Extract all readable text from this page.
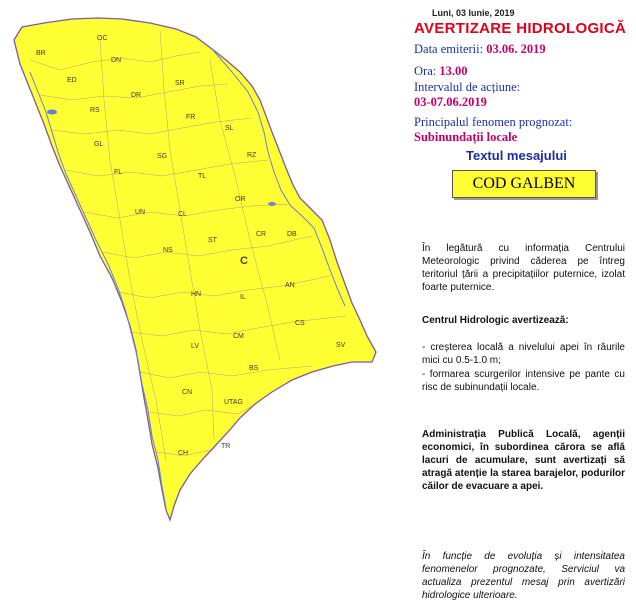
BR
OC
DN
SR
ED
DR
RS
FR
SL
GL
SG	RZ
FL
TL
UN	CL
OR
DB
NS
ST
CR
C
HN
AN
IL
CS
LV
CM
SV
BS
CN
UTAG
TR
CH
Luni, 03 Iunie, 2019
AVERTIZARE HIDROLOGICĂ
Data emiterii: 03.06. 2019
Ora: 13.00
Intervalul de acțiune:
03-07.06.2019
Principalul fenomen prognozat:
Subinundații locale
Textul mesajului
COD GALBEN

În legătură cu informația Centrului Meteorologic privind căderea pe întreg teritoriul țării a precipitațiilor puternice, izolat foarte puternice.

Centrul Hidrologic avertizează:

- creșterea locală a nivelului apei în râurile mici cu 0.5-1.0 m;

- formarea scurgerilor intensive pe pante cu risc de subinundații locale.

Administrația Publică Locală, agenții economici, în subordinea cărora se află lacuri de acumulare, sunt avertizați să atragă atenție la starea barajelor, podurilor căilor de evacuare a apei.

În funcție de evoluția și intensitatea fenomenelor prognozate, Serviciul va actualiza prezentul mesaj prin avertizări hidrologice ulterioare.
